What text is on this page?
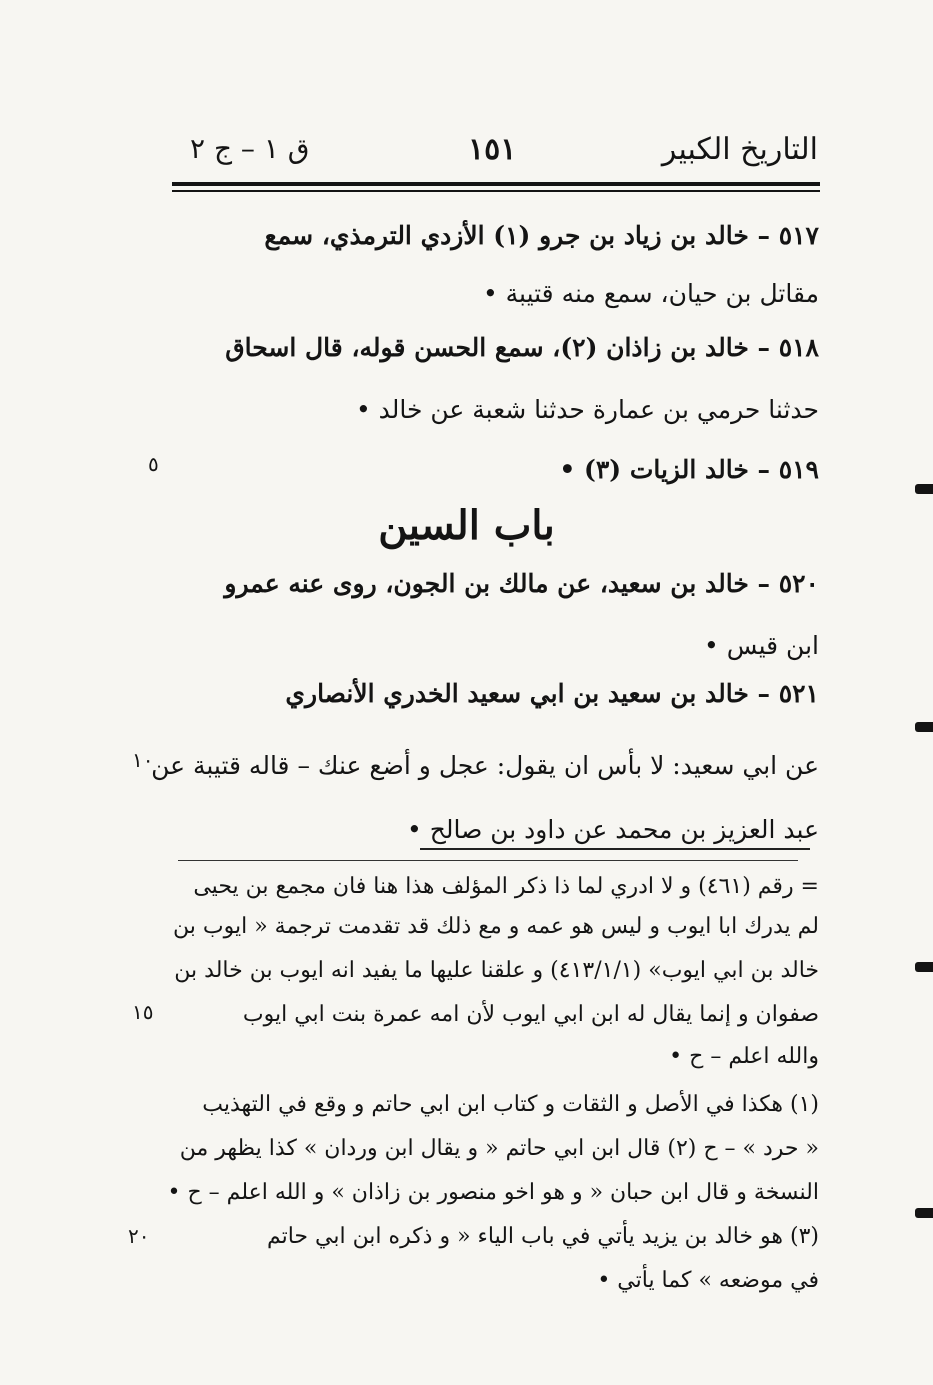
التاريخ الكبير
١٥١
ق ١ – ج ٢
٥١٧ – خالد بن زياد بن جرو (١) الأزدي الترمذي، سمع
مقاتل بن حيان، سمع منه قتيبة •
٥١٨ – خالد بن زاذان (٢)، سمع الحسن قوله، قال اسحاق
حدثنا حرمي بن عمارة حدثنا شعبة عن خالد •
٥١٩ – خالد الزيات (٣) •
باب السين
٥٢٠ – خالد بن سعيد، عن مالك بن الجون، روى عنه عمرو
ابن قيس •
٥٢١ – خالد بن سعيد بن ابي سعيد الخدري الأنصاري
عن ابي سعيد: لا بأس ان يقول: عجل و أضع عنك – قاله قتيبة عن
عبد العزيز بن محمد عن داود بن صالح •
٥
١٠
١٥
٢٠
= رقم (٤٦١) و لا ادري لما ذا ذكر المؤلف هذا هنا فان مجمع بن يحيى
لم يدرك ابا ايوب و ليس هو عمه و مع ذلك قد تقدمت ترجمة « ايوب بن
خالد بن ابي ايوب» (٤١٣/١/١) و علقنا عليها ما يفيد انه ايوب بن خالد بن
صفوان و إنما يقال له ابن ابي ايوب لأن امه عمرة بنت ابي ايوب
والله اعلم – ح •
(١) هكذا في الأصل و الثقات و كتاب ابن ابي حاتم و وقع في التهذيب
« حرد » – ح (٢) قال ابن ابي حاتم « و يقال ابن وردان » كذا يظهر من
النسخة و قال ابن حبان « و هو اخو منصور بن زاذان » و الله اعلم – ح •
(٣) هو خالد بن يزيد يأتي في باب الياء « و ذكره ابن ابي حاتم
في موضعه » كما يأتي •
